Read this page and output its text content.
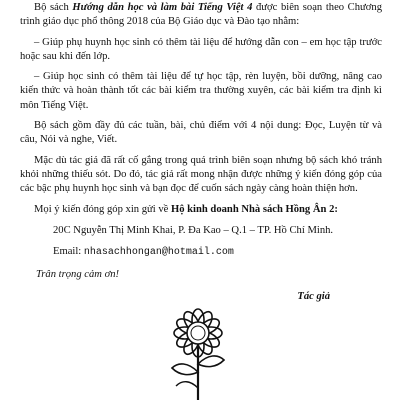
Bộ sách Hướng dẫn học và làm bài Tiếng Việt 4 được biên soạn theo Chương trình giáo dục phổ thông 2018 của Bộ Giáo dục và Đào tạo nhằm:

– Giúp phụ huynh học sinh có thêm tài liệu để hướng dẫn con – em học tập trước hoặc sau khi đến lớp.

– Giúp học sinh có thêm tài liệu để tự học tập, rèn luyện, bồi dưỡng, nâng cao kiến thức và hoàn thành tốt các bài kiểm tra thường xuyên, các bài kiểm tra định kì môn Tiếng Việt.

Bộ sách gồm đầy đủ các tuần, bài, chủ điểm với 4 nội dung: Đọc, Luyện từ và câu, Nói và nghe, Viết.

Mặc dù tác giả đã rất cố gắng trong quá trình biên soạn nhưng bộ sách khó tránh khỏi những thiếu sót. Do đó, tác giả rất mong nhận được những ý kiến đóng góp của các bậc phụ huynh học sinh và bạn đọc để cuốn sách ngày càng hoàn thiện hơn.

Mọi ý kiến đóng góp xin gửi về Hộ kinh doanh Nhà sách Hồng Ân 2:

20C Nguyễn Thị Minh Khai, P. Đa Kao – Q.1 – TP. Hồ Chí Minh.

Email: nhasachhongan@hotmail.com

Trân trọng cảm ơn!

Tác giả
